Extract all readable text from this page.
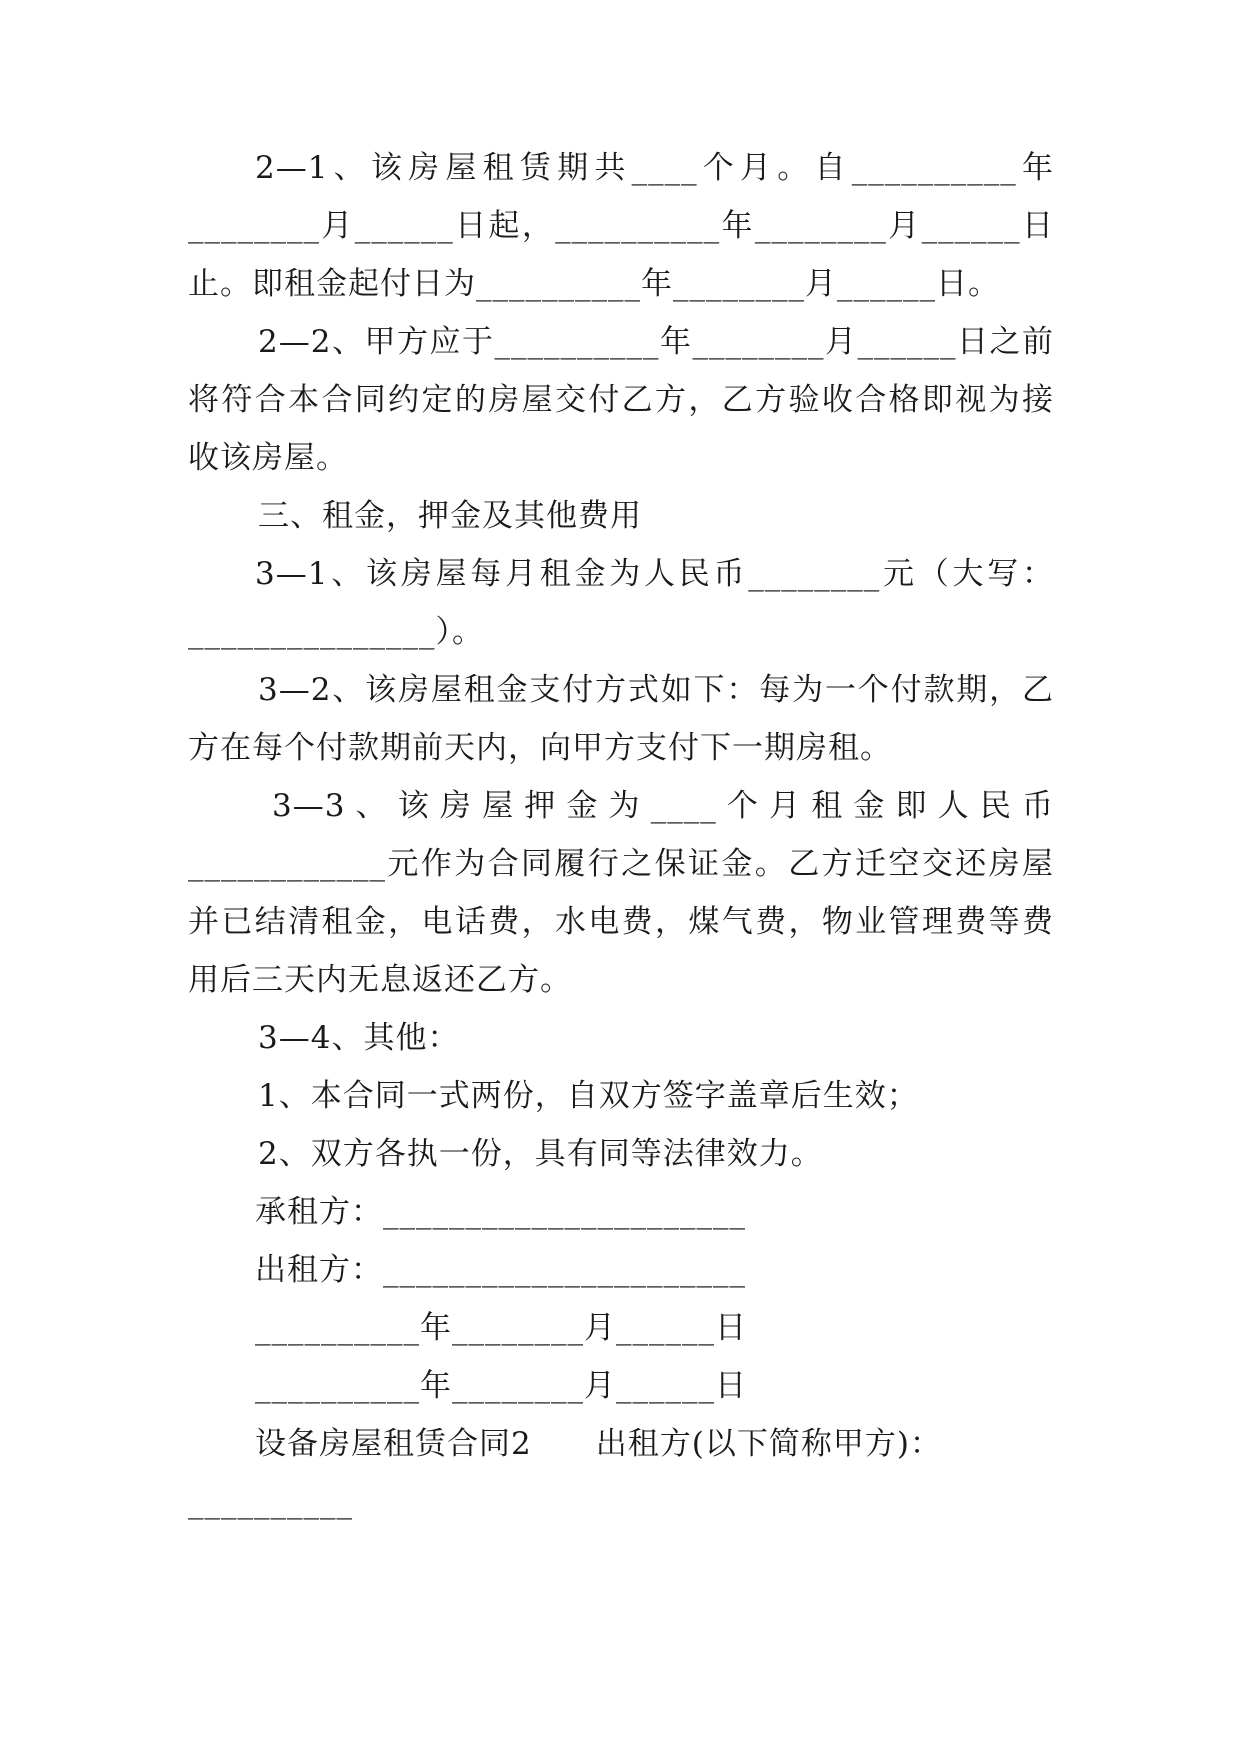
2—1、该房屋租赁期共____个月。自__________年
________月______日起，__________年________月______日
止。即租金起付日为__________年________月______日。
2—2、甲方应于__________年________月______日之前
将符合本合同约定的房屋交付乙方，乙方验收合格即视为接
收该房屋。
三、租金，押金及其他费用
3—1、该房屋每月租金为人民币________元（大写：
_______________）。
3—2、该房屋租金支付方式如下：每为一个付款期，乙
方在每个付款期前天内，向甲方支付下一期房租。
3—3、该房屋押金为____个月租金即人民币
____________元作为合同履行之保证金。乙方迁空交还房屋
并已结清租金，电话费，水电费，煤气费，物业管理费等费
用后三天内无息返还乙方。
3—4、其他：
1、本合同一式两份，自双方签字盖章后生效；
2、双方各执一份，具有同等法律效力。
承租方：______________________
出租方：______________________
__________年________月______日
__________年________月______日
设备房屋租赁合同2　　出租方(以下简称甲方)：
__________
